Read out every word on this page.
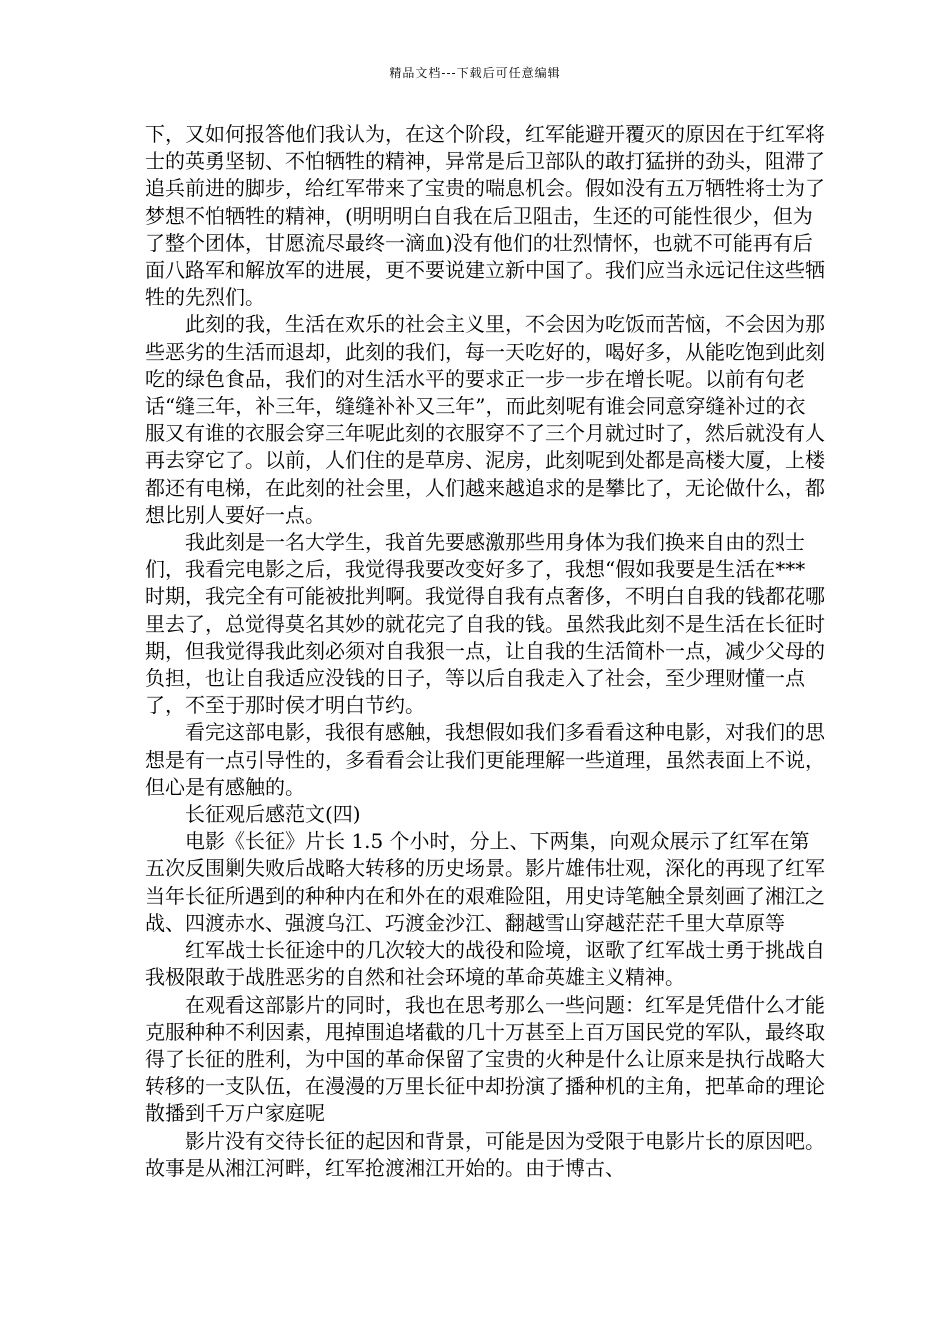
精品文档---下载后可任意编辑

下，又如何报答他们我认为，在这个阶段，红军能避开覆灭的原因在于红军将士的英勇坚韧、不怕牺牲的精神，异常是后卫部队的敢打猛拼的劲头，阻滞了追兵前进的脚步，给红军带来了宝贵的喘息机会。假如没有五万牺牲将士为了梦想不怕牺牲的精神，(明明明白自我在后卫阻击，生还的可能性很少，但为了整个团体，甘愿流尽最终一滴血)没有他们的壮烈情怀，也就不可能再有后面八路军和解放军的进展，更不要说建立新中国了。我们应当永远记住这些牺牲的先烈们。

此刻的我，生活在欢乐的社会主义里，不会因为吃饭而苦恼，不会因为那些恶劣的生活而退却，此刻的我们，每一天吃好的，喝好多，从能吃饱到此刻吃的绿色食品，我们的对生活水平的要求正一步一步在增长呢。以前有句老话“缝三年，补三年，缝缝补补又三年”，而此刻呢有谁会同意穿缝补过的衣服又有谁的衣服会穿三年呢此刻的衣服穿不了三个月就过时了，然后就没有人再去穿它了。以前，人们住的是草房、泥房，此刻呢到处都是高楼大厦，上楼都还有电梯，在此刻的社会里，人们越来越追求的是攀比了，无论做什么，都想比别人要好一点。

我此刻是一名大学生，我首先要感激那些用身体为我们换来自由的烈士们，我看完电影之后，我觉得我要改变好多了，我想“假如我要是生活在***时期，我完全有可能被批判啊。我觉得自我有点奢侈，不明白自我的钱都花哪里去了，总觉得莫名其妙的就花完了自我的钱。虽然我此刻不是生活在长征时期，但我觉得我此刻必须对自我狠一点，让自我的生活简朴一点，减少父母的负担，也让自我适应没钱的日子，等以后自我走入了社会，至少理财懂一点了，不至于那时侯才明白节约。

看完这部电影，我很有感触，我想假如我们多看看这种电影，对我们的思想是有一点引导性的，多看看会让我们更能理解一些道理，虽然表面上不说，但心是有感触的。

长征观后感范文(四)

电影《长征》片长 1.5 个小时，分上、下两集，向观众展示了红军在第五次反围剿失败后战略大转移的历史场景。影片雄伟壮观，深化的再现了红军当年长征所遇到的种种内在和外在的艰难险阻，用史诗笔触全景刻画了湘江之战、四渡赤水、强渡乌江、巧渡金沙江、翻越雪山穿越茫茫千里大草原等

红军战士长征途中的几次较大的战役和险境，讴歌了红军战士勇于挑战自我极限敢于战胜恶劣的自然和社会环境的革命英雄主义精神。

在观看这部影片的同时，我也在思考那么一些问题：红军是凭借什么才能克服种种不利因素，甩掉围追堵截的几十万甚至上百万国民党的军队，最终取得了长征的胜利，为中国的革命保留了宝贵的火种是什么让原来是执行战略大转移的一支队伍，在漫漫的万里长征中却扮演了播种机的主角，把革命的理论散播到千万户家庭呢

影片没有交待长征的起因和背景，可能是因为受限于电影片长的原因吧。故事是从湘江河畔，红军抢渡湘江开始的。由于博古、
